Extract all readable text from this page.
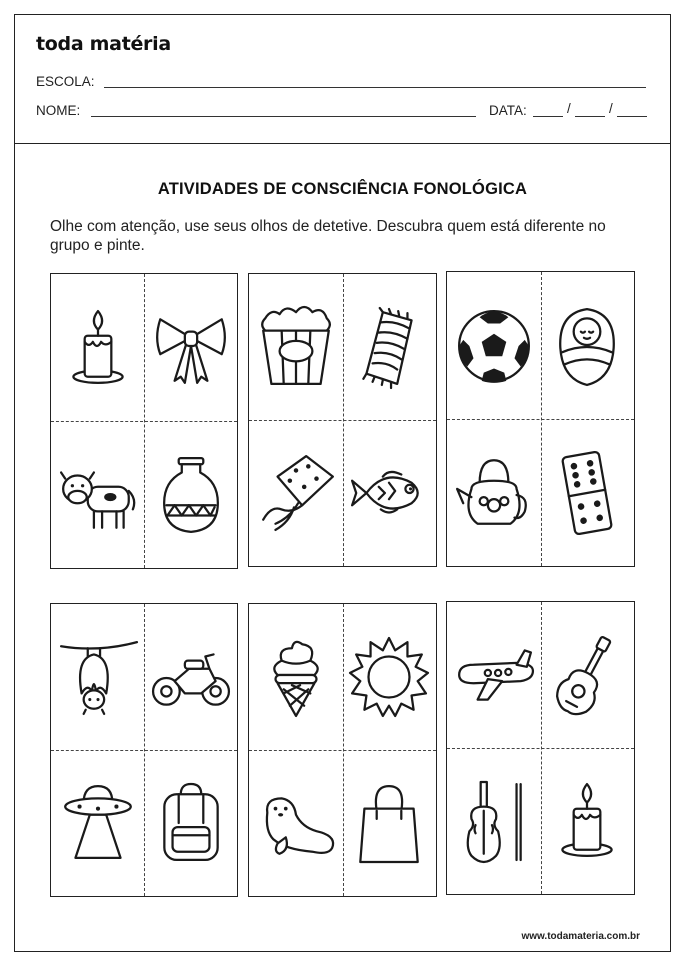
toda matéria
ESCOLA:
NOME:	DATA:	/	/
ATIVIDADES DE CONSCIÊNCIA FONOLÓGICA
Olhe com atenção, use seus olhos de detetive. Descubra quem está diferente no grupo e pinte.
www.todamateria.com.br
